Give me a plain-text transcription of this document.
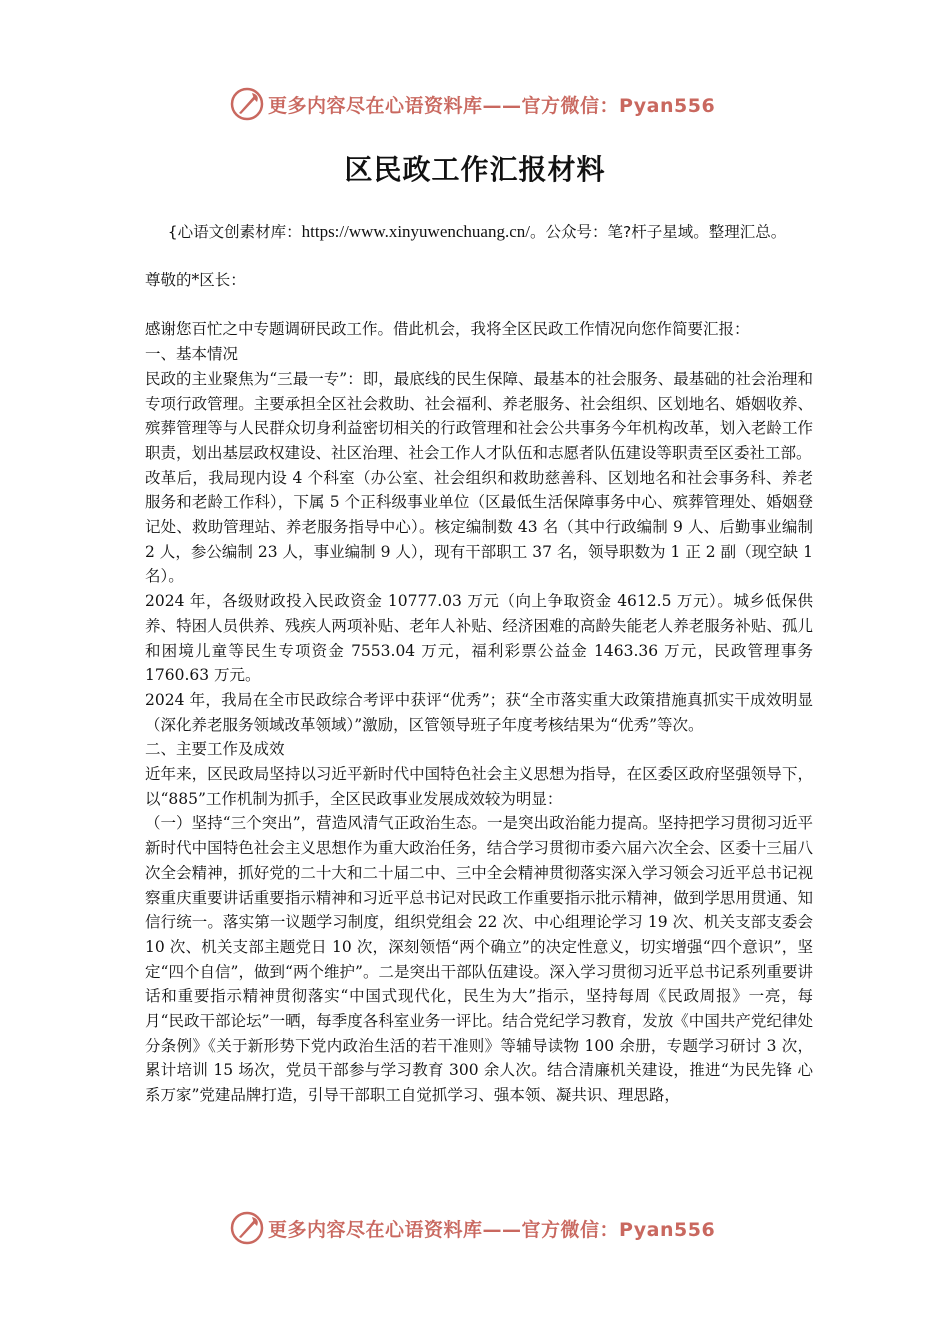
更多内容尽在心语资料库——官方微信：Pyan556
区民政工作汇报材料
{心语文创素材库：https://www.xinyuwenchuang.cn/。公众号：笔?杆子星域。整理汇总。

尊敬的*区长：

感谢您百忙之中专题调研民政工作。借此机会，我将全区民政工作情况向您作简要汇报：

一、基本情况

民政的主业聚焦为“三最一专”：即，最底线的民生保障、最基本的社会服务、最基础的社会治理和专项行政管理。主要承担全区社会救助、社会福利、养老服务、社会组织、区划地名、婚姻收养、殡葬管理等与人民群众切身利益密切相关的行政管理和社会公共事务今年机构改革，划入老龄工作职责，划出基层政权建设、社区治理、社会工作人才队伍和志愿者队伍建设等职责至区委社工部。

改革后，我局现内设 4 个科室（办公室、社会组织和救助慈善科、区划地名和社会事务科、养老服务和老龄工作科），下属 5 个正科级事业单位（区最低生活保障事务中心、殡葬管理处、婚姻登记处、救助管理站、养老服务指导中心）。核定编制数 43 名（其中行政编制 9 人、后勤事业编制 2 人，参公编制 23 人，事业编制 9 人），现有干部职工 37 名，领导职数为 1 正 2 副（现空缺 1 名）。

2024 年，各级财政投入民政资金 10777.03 万元（向上争取资金 4612.5 万元）。城乡低保供养、特困人员供养、残疾人两项补贴、老年人补贴、经济困难的高龄失能老人养老服务补贴、孤儿和困境儿童等民生专项资金 7553.04 万元，福利彩票公益金 1463.36 万元，民政管理事务 1760.63 万元。

2024 年，我局在全市民政综合考评中获评“优秀”；获“全市落实重大政策措施真抓实干成效明显（深化养老服务领域改革领域）”激励，区管领导班子年度考核结果为“优秀”等次。

二、主要工作及成效

近年来，区民政局坚持以习近平新时代中国特色社会主义思想为指导，在区委区政府坚强领导下，以“885”工作机制为抓手，全区民政事业发展成效较为明显：

（一）坚持“三个突出”，营造风清气正政治生态。一是突出政治能力提高。坚持把学习贯彻习近平新时代中国特色社会主义思想作为重大政治任务，结合学习贯彻市委六届六次全会、区委十三届八次全会精神，抓好党的二十大和二十届二中、三中全会精神贯彻落实深入学习领会习近平总书记视察重庆重要讲话重要指示精神和习近平总书记对民政工作重要指示批示精神，做到学思用贯通、知信行统一。落实第一议题学习制度，组织党组会 22 次、中心组理论学习 19 次、机关支部支委会 10 次、机关支部主题党日 10 次，深刻领悟“两个确立”的决定性意义，切实增强“四个意识”，坚定“四个自信”，做到“两个维护”。二是突出干部队伍建设。深入学习贯彻习近平总书记系列重要讲话和重要指示精神贯彻落实“中国式现代化，民生为大”指示，坚持每周《民政周报》一亮，每月“民政干部论坛”一晒，每季度各科室业务一评比。结合党纪学习教育，发放《中国共产党纪律处分条例》《关于新形势下党内政治生活的若干准则》等辅导读物 100 余册，专题学习研讨 3 次，累计培训 15 场次，党员干部参与学习教育 300 余人次。结合清廉机关建设，推进“为民先锋 心系万家”党建品牌打造，引导干部职工自觉抓学习、强本领、凝共识、理思路，

更多内容尽在心语资料库——官方微信：Pyan556
